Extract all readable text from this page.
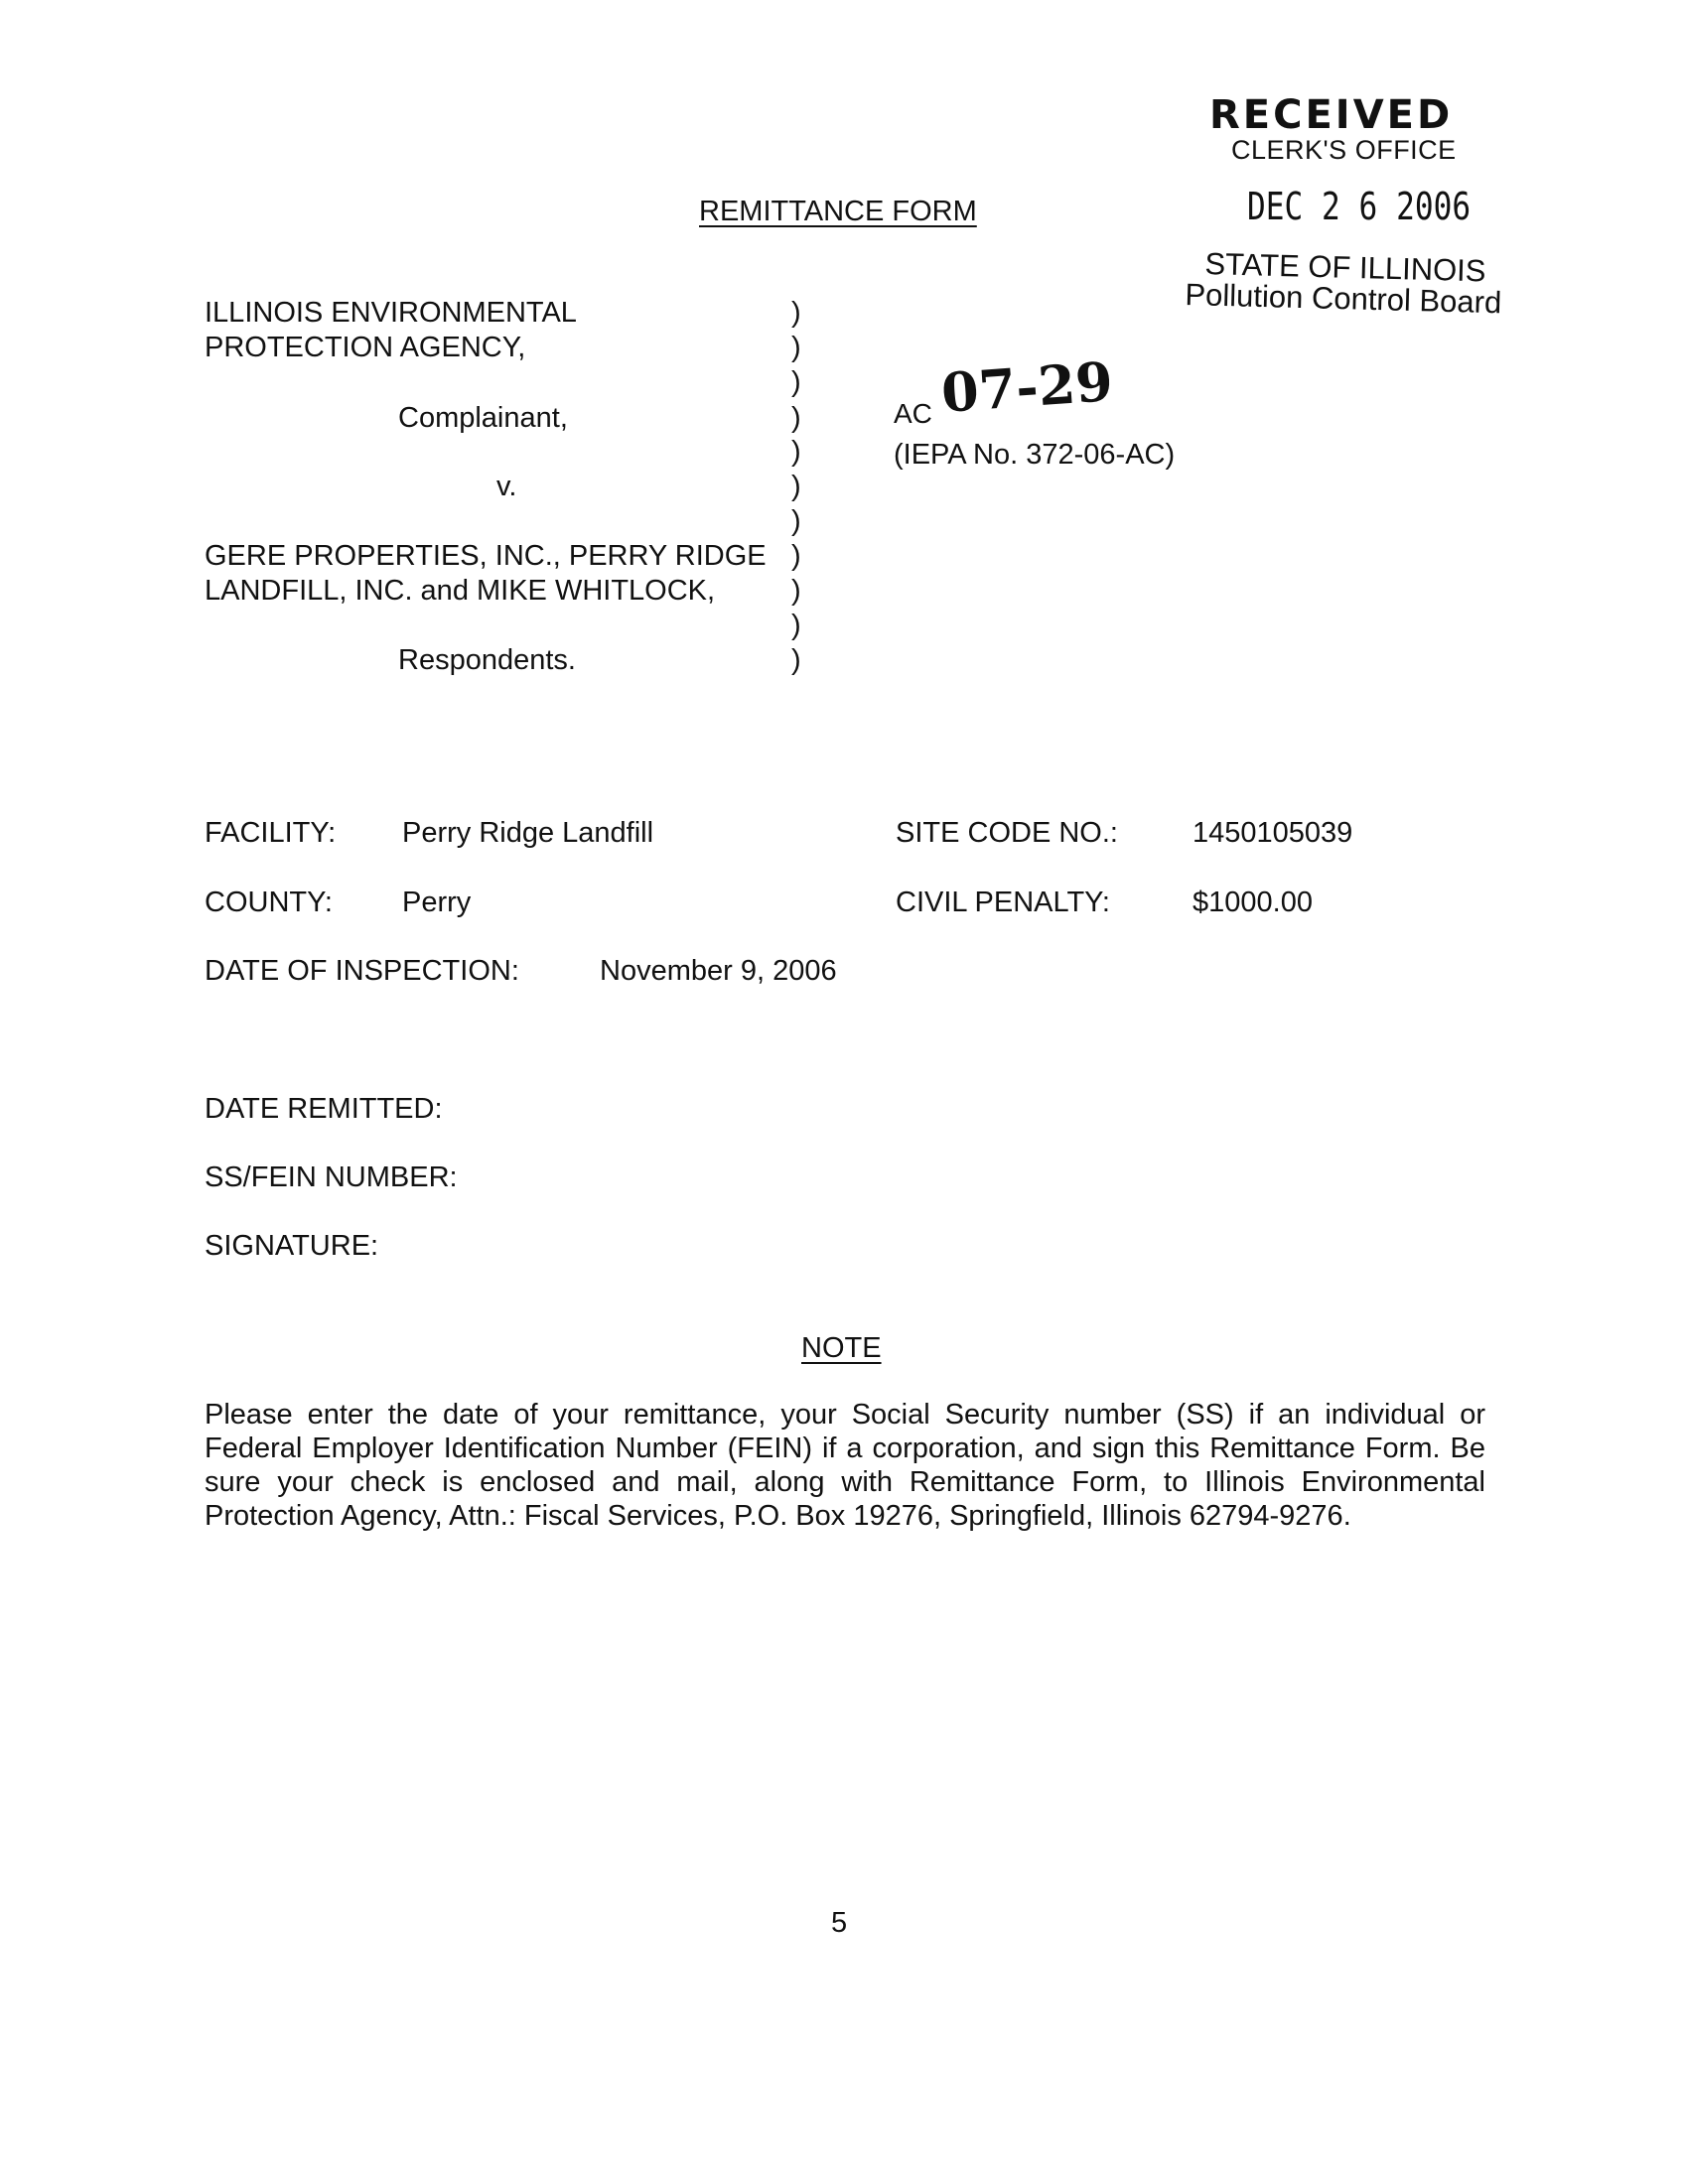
RECEIVED
CLERK'S OFFICE
DEC 2 6 2006
STATE OF ILLINOIS
Pollution Control Board
REMITTANCE FORM
ILLINOIS ENVIRONMENTAL
PROTECTION AGENCY,
Complainant,
v.
GERE PROPERTIES, INC., PERRY RIDGE
LANDFILL, INC. and MIKE WHITLOCK,
Respondents.
)
)
)
)
)
)
)
)
)
)
)
AC 07-29
(IEPA No. 372-06-AC)
FACILITY: Perry Ridge Landfill	SITE CODE NO.:	1450105039
COUNTY: Perry	CIVIL PENALTY:	$1000.00
DATE OF INSPECTION:	November 9, 2006
DATE REMITTED:
SS/FEIN NUMBER:
SIGNATURE:
NOTE
Please enter the date of your remittance, your Social Security number (SS) if an individual or Federal Employer Identification Number (FEIN) if a corporation, and sign this Remittance Form. Be sure your check is enclosed and mail, along with Remittance Form, to Illinois Environmental Protection Agency, Attn.: Fiscal Services, P.O. Box 19276, Springfield, Illinois 62794-9276.
5
